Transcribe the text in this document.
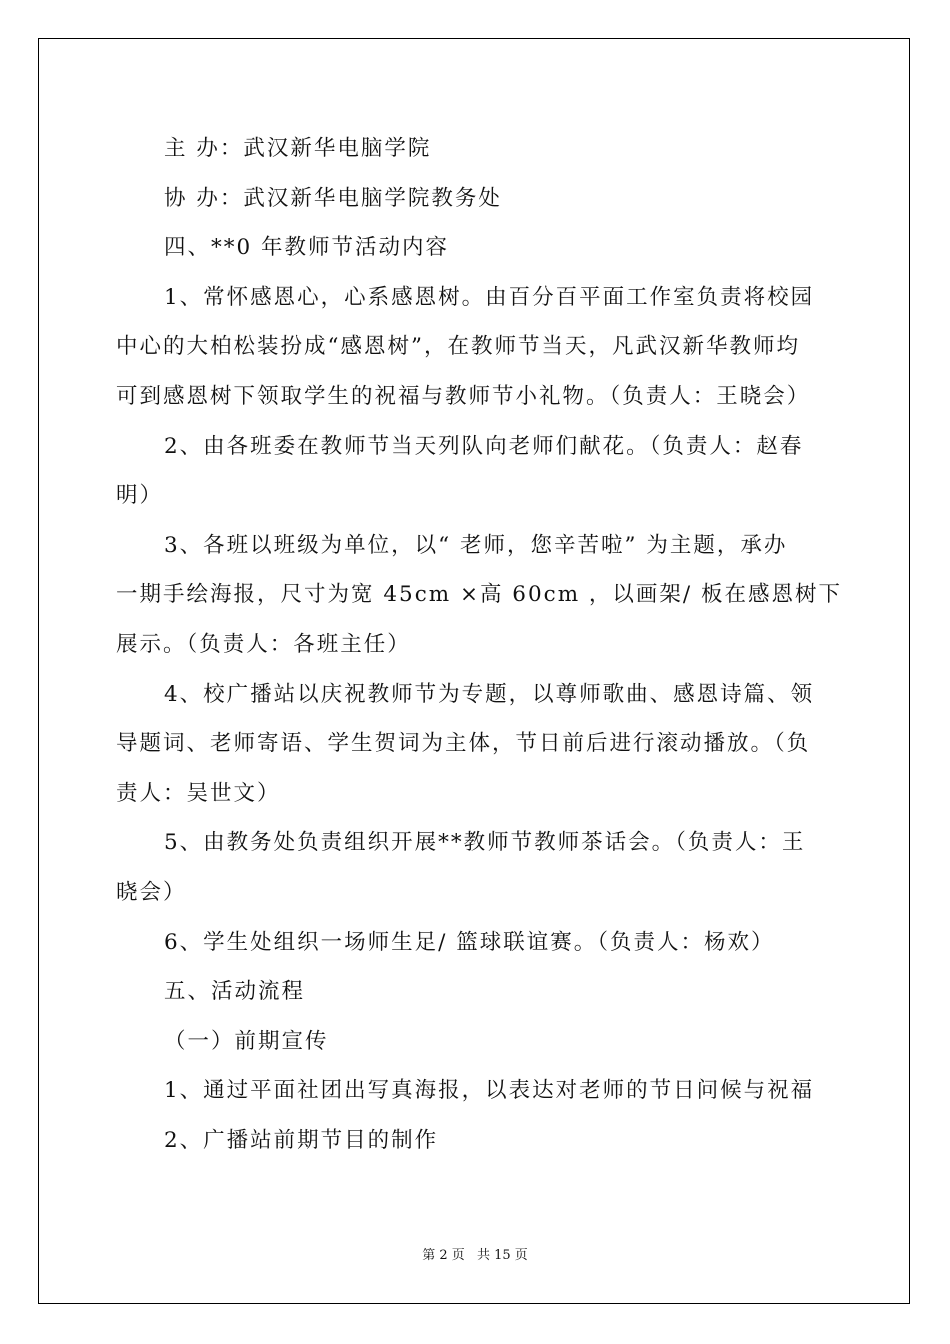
主 办：武汉新华电脑学院
协 办：武汉新华电脑学院教务处
四、**0 年教师节活动内容
1、常怀感恩心，心系感恩树。由百分百平面工作室负责将校园
中心的大柏松装扮成“感恩树”，在教师节当天，凡武汉新华教师均
可到感恩树下领取学生的祝福与教师节小礼物。（负责人：王晓会）
2、由各班委在教师节当天列队向老师们献花。（负责人：赵春
明）
3、各班以班级为单位，以“ 老师，您辛苦啦” 为主题，承办
一期手绘海报，尺寸为宽 45cm ×高 60cm ，以画架/ 板在感恩树下
展示。（负责人：各班主任）
4、校广播站以庆祝教师节为专题，以尊师歌曲、感恩诗篇、领
导题词、老师寄语、学生贺词为主体，节日前后进行滚动播放。（负
责人：吴世文）
5、由教务处负责组织开展**教师节教师茶话会。（负责人：王
晓会）
6、学生处组织一场师生足/ 篮球联谊赛。（负责人：杨欢）
五、活动流程
（一）前期宣传
1、通过平面社团出写真海报，以表达对老师的节日问候与祝福
2、广播站前期节目的制作
第 2 页 共 15 页
